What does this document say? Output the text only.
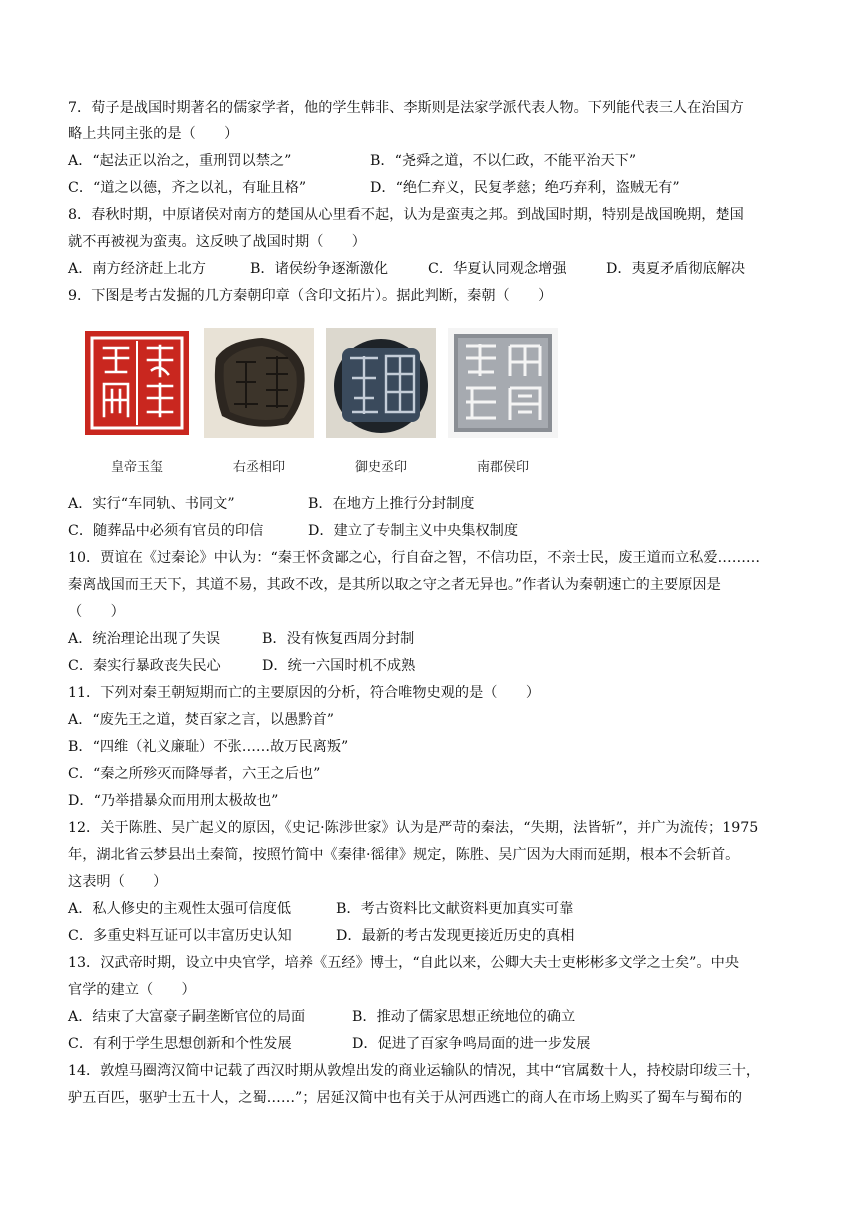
7．荀子是战国时期著名的儒家学者，他的学生韩非、李斯则是法家学派代表人物。下列能代表三人在治国方
略上共同主张的是（　　）
A．“起法正以治之，重刑罚以禁之”	B．“尧舜之道，不以仁政，不能平治天下”
C．“道之以德，齐之以礼，有耻且格”	D．“绝仁弃义，民复孝慈；绝巧弃利，盗贼无有”
8．春秋时期，中原诸侯对南方的楚国从心里看不起，认为是蛮夷之邦。到战国时期，特别是战国晚期，楚国
就不再被视为蛮夷。这反映了战国时期（　　）
A．南方经济赶上北方	B．诸侯纷争逐渐激化	C．华夏认同观念增强	D．夷夏矛盾彻底解决
9．下图是考古发掘的几方秦朝印章（含印文拓片）。据此判断，秦朝（　　）
皇帝玉玺	右丞相印	御史丞印	南郡侯印
A．实行“车同轨、书同文”	B．在地方上推行分封制度
C．随葬品中必须有官员的印信	D．建立了专制主义中央集权制度
10．贾谊在《过秦论》中认为：“秦王怀贪鄙之心，行自奋之智，不信功臣，不亲士民，废王道而立私爱………
秦离战国而王天下，其道不易，其政不改，是其所以取之守之者无异也。”作者认为秦朝速亡的主要原因是
（　　）
A．统治理论出现了失误	B．没有恢复西周分封制
C．秦实行暴政丧失民心	D．统一六国时机不成熟
11．下列对秦王朝短期而亡的主要原因的分析，符合唯物史观的是（　　）
A．“废先王之道，焚百家之言，以愚黔首”
B．“四维（礼义廉耻）不张……故万民离叛”
C．“秦之所殄灭而降辱者，六王之后也”
D．“乃举措暴众而用刑太极故也”
12．关于陈胜、吴广起义的原因，《史记·陈涉世家》认为是严苛的秦法，“失期，法皆斩”，并广为流传；1975
年，湖北省云梦县出土秦简，按照竹简中《秦律·徭律》规定，陈胜、吴广因为大雨而延期，根本不会斩首。
这表明（　　）
A．私人修史的主观性太强可信度低	B．考古资料比文献资料更加真实可靠
C．多重史料互证可以丰富历史认知	D．最新的考古发现更接近历史的真相
13．汉武帝时期，设立中央官学，培养《五经》博士，“自此以来，公卿大夫士吏彬彬多文学之士矣”。中央
官学的建立（　　）
A．结束了大富豪子嗣垄断官位的局面	B．推动了儒家思想正统地位的确立
C．有利于学生思想创新和个性发展	D．促进了百家争鸣局面的进一步发展
14．敦煌马圈湾汉简中记载了西汉时期从敦煌出发的商业运输队的情况，其中“官属数十人，持校尉印绂三十，
驴五百匹，驱驴士五十人，之蜀……”；居延汉简中也有关于从河西逃亡的商人在市场上购买了蜀车与蜀布的
